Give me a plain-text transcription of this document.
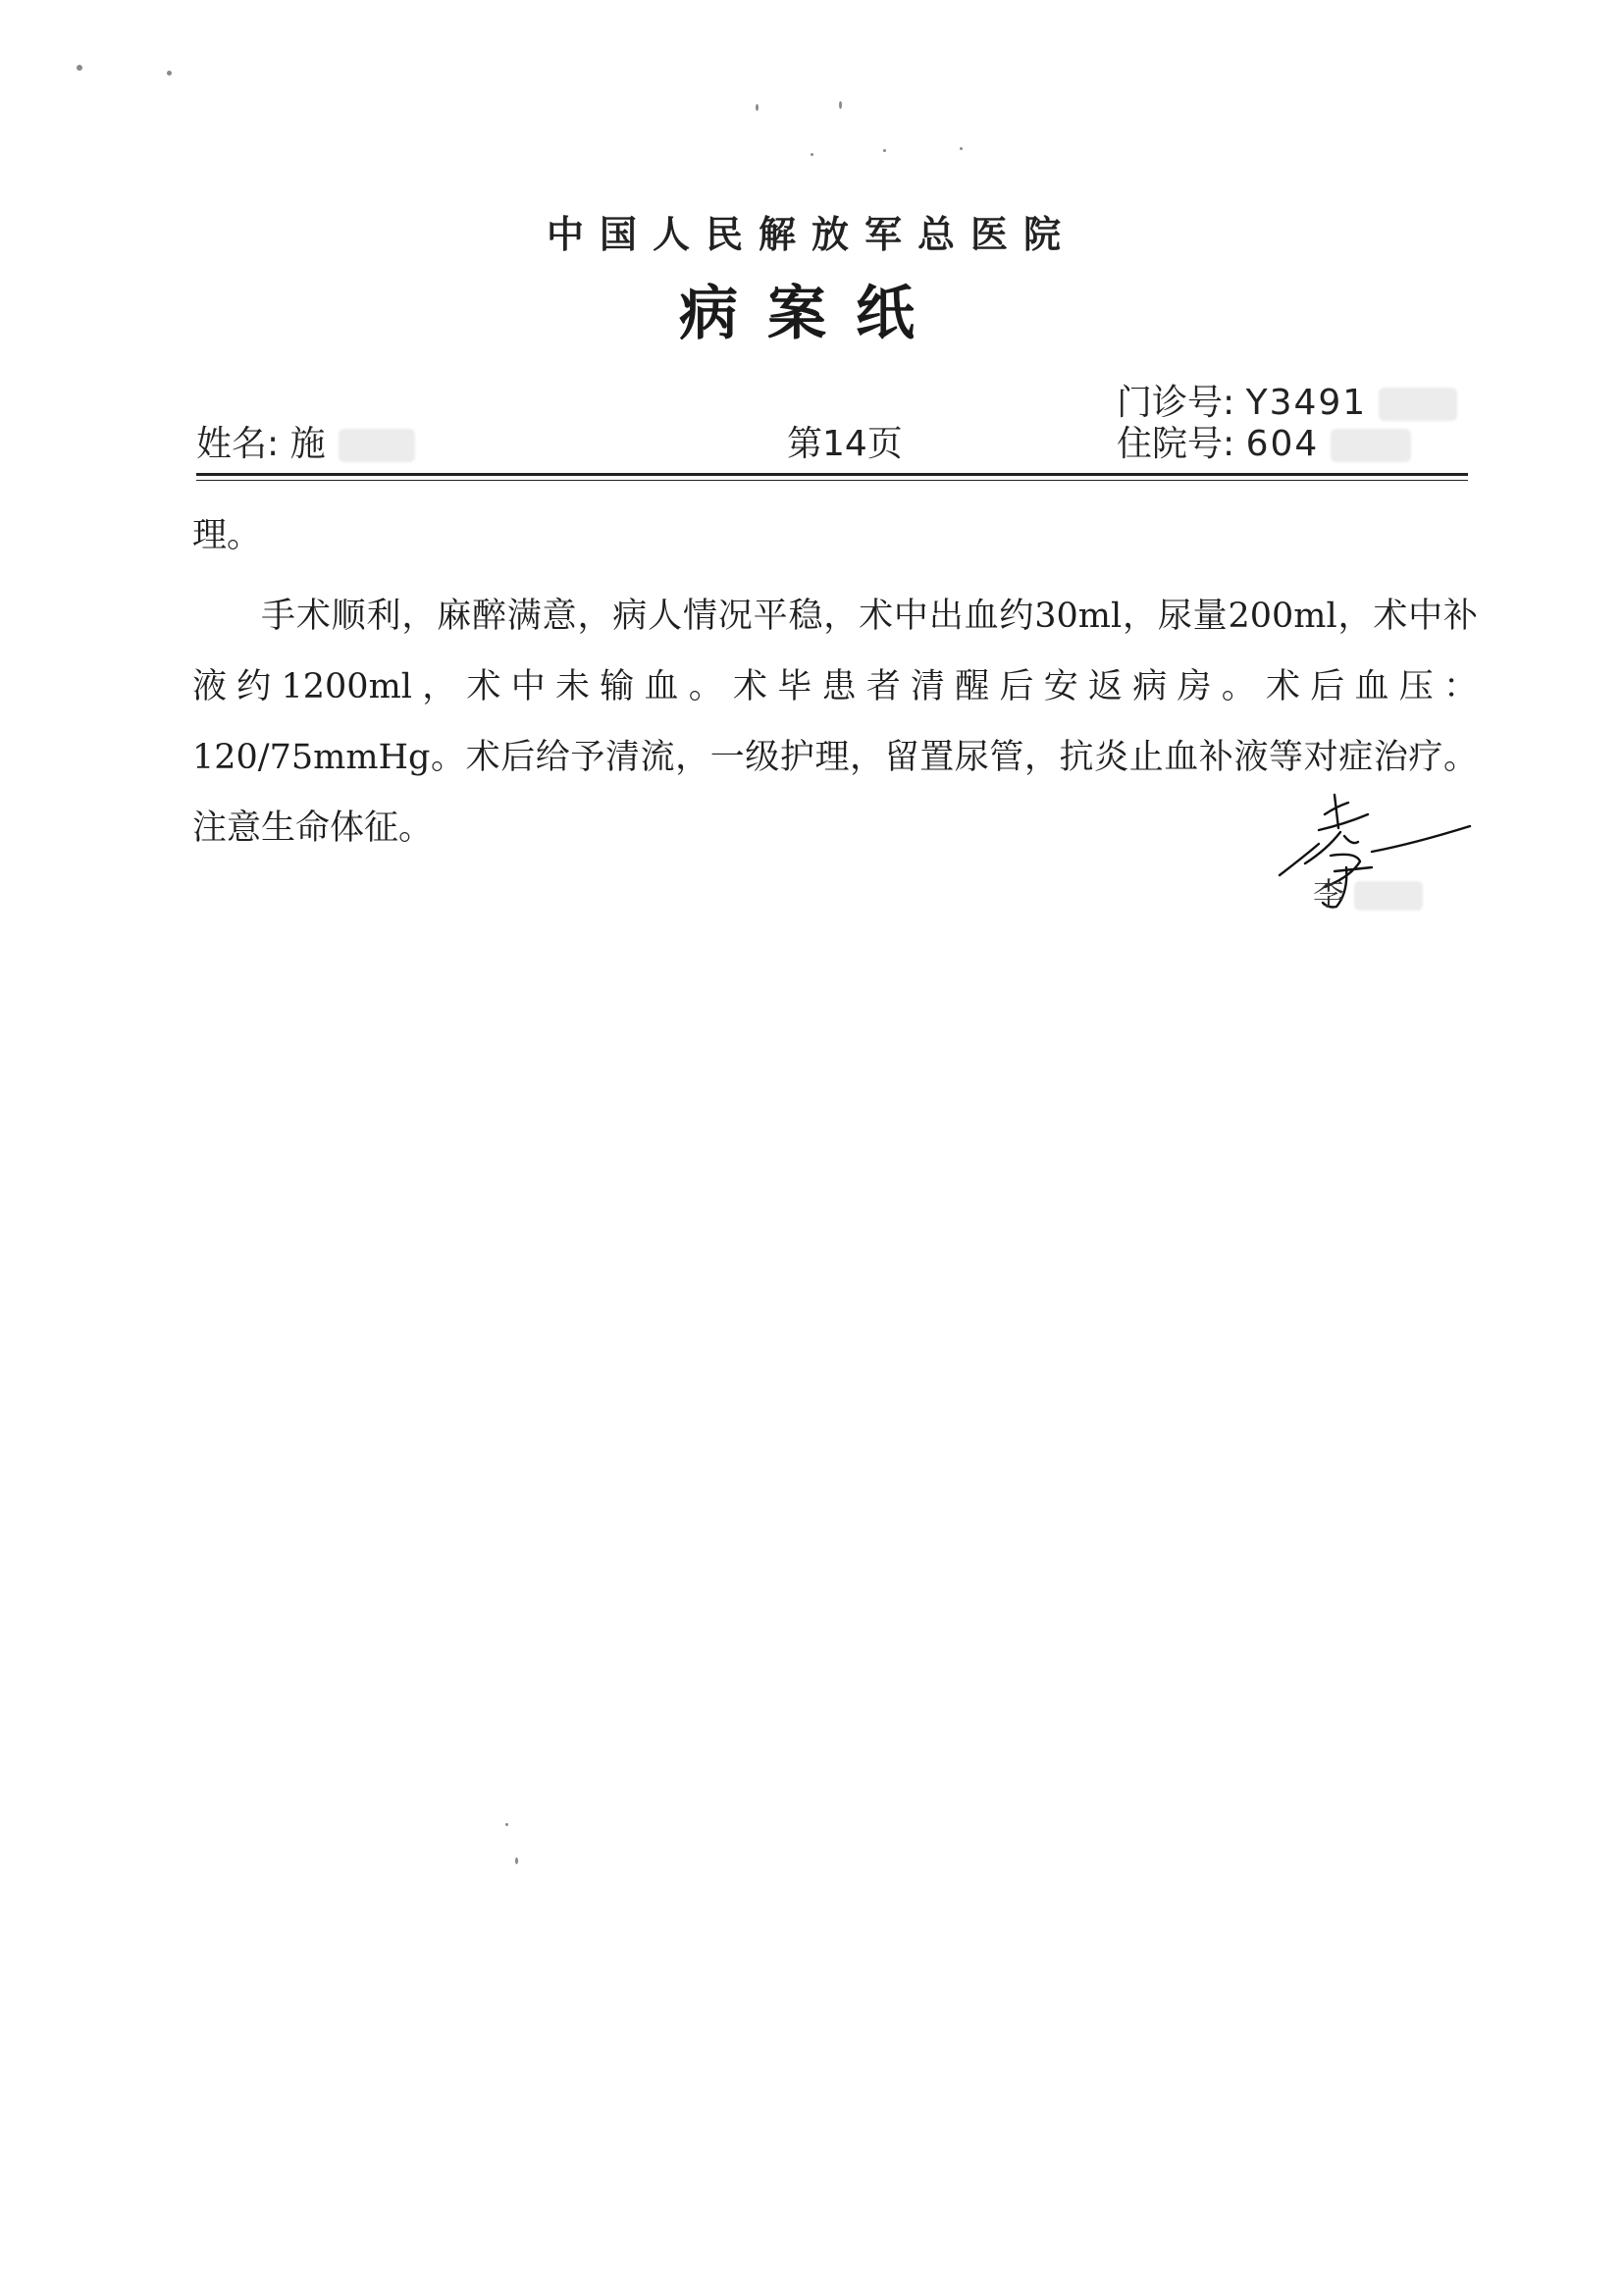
中国人民解放军总医院
病案纸
门诊号: Y3491
姓名: 施	第14页	住院号: 604

理。

手术顺利，麻醉满意，病人情况平稳，术中出血约30ml，尿量200ml，术中补液约1200ml，术中未输血。术毕患者清醒后安返病房。术后血压：120/75mmHg。术后给予清流，一级护理，留置尿管，抗炎止血补液等对症治疗。注意生命体征。

李
